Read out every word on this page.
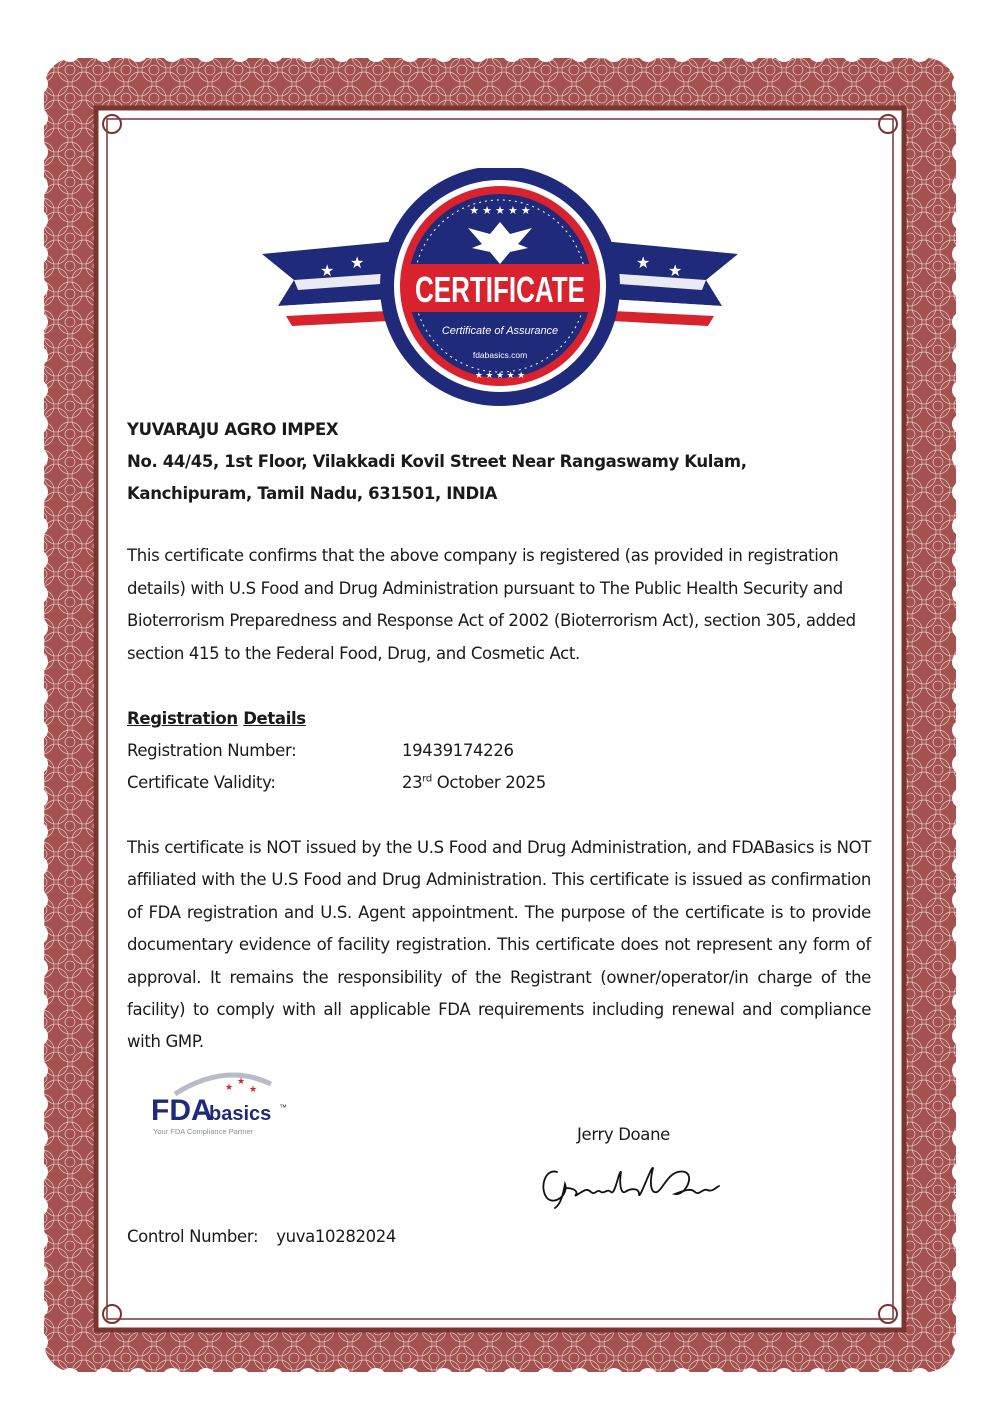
★ ★	★ ★
★ ★ ★ ★ ★
CERTIFICATE
Certificate of Assurance
fdabasics.com
★ ★ ★ ★ ★
YUVARAJU AGRO IMPEX
No. 44/45, 1st Floor, Vilakkadi Kovil Street Near Rangaswamy Kulam,
Kanchipuram, Tamil Nadu, 631501, INDIA
This certificate confirms that the above company is registered (as provided in registration details) with U.S Food and Drug Administration pursuant to The Public Health Security and Bioterrorism Preparedness and Response Act of 2002 (Bioterrorism Act), section 305, added section 415 to the Federal Food, Drug, and Cosmetic Act.
Registration Details
Registration Number:	19439174226
Certificate Validity:	23rd October 2025
This certificate is NOT issued by the U.S Food and Drug Administration, and FDABasics is NOT affiliated with the U.S Food and Drug Administration. This certificate is issued as confirmation of FDA registration and U.S. Agent appointment. The purpose of the certificate is to provide documentary evidence of facility registration. This certificate does not represent any form of approval. It remains the responsibility of the Registrant (owner/operator/in charge of the facility) to comply with all applicable FDA requirements including renewal and compliance with GMP.
★
★
★
FDA
basics ™
Your FDA Compliance Partner	Jerry Doane
Control Number: yuva10282024
